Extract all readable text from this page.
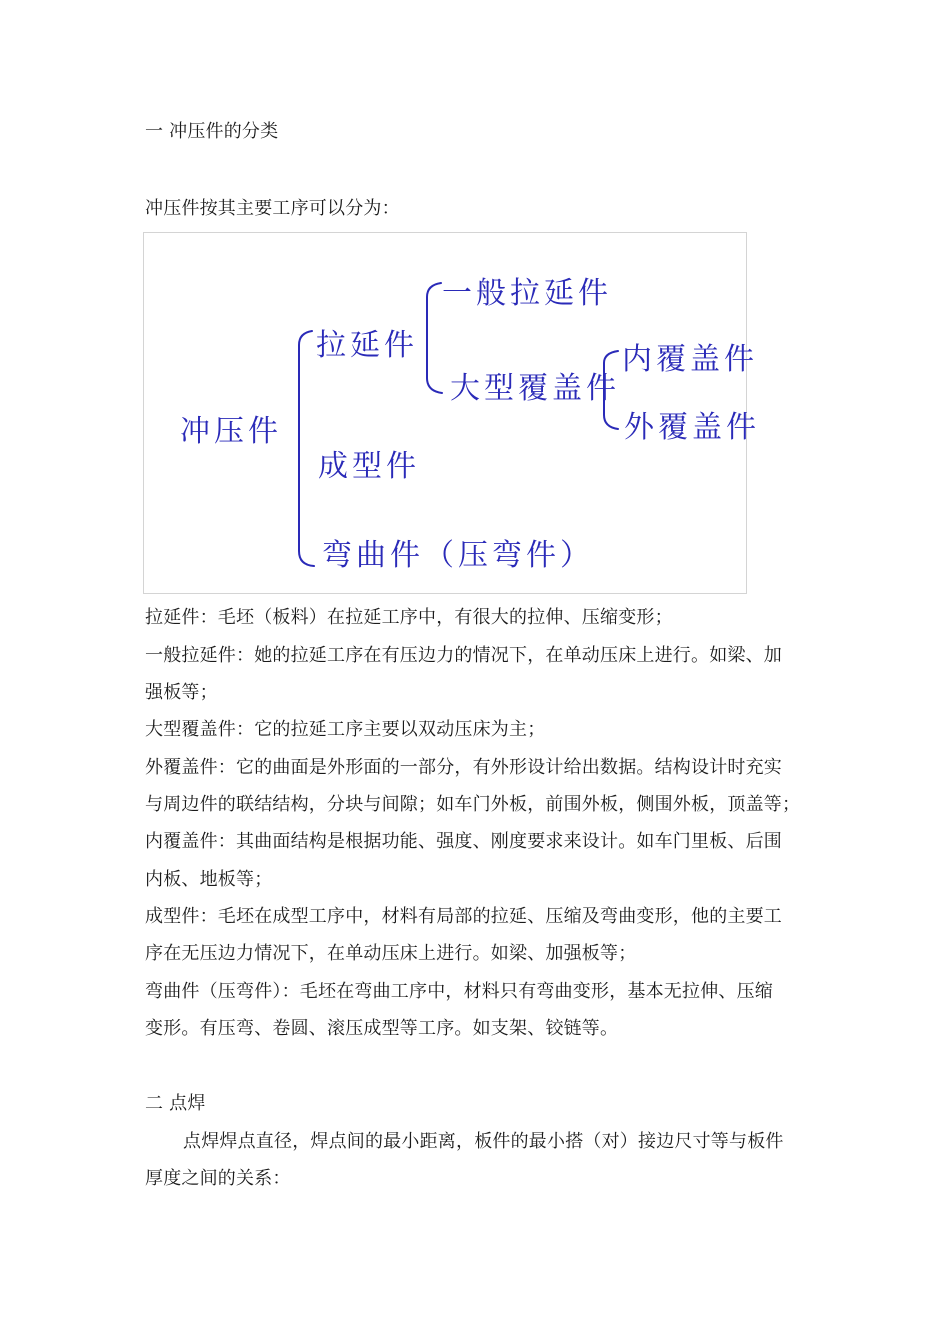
一 冲压件的分类
冲压件按其主要工序可以分为：
冲压件
拉延件
一般拉延件
大型覆盖件
内覆盖件
外覆盖件
成型件
弯曲件（压弯件）
拉延件：毛坯（板料）在拉延工序中，有很大的拉伸、压缩变形；
一般拉延件：她的拉延工序在有压边力的情况下，在单动压床上进行。如梁、加
强板等；
大型覆盖件：它的拉延工序主要以双动压床为主；
外覆盖件：它的曲面是外形面的一部分，有外形设计给出数据。结构设计时充实
与周边件的联结结构，分块与间隙；如车门外板，前围外板，侧围外板，顶盖等；
内覆盖件：其曲面结构是根据功能、强度、刚度要求来设计。如车门里板、后围
内板、地板等；
成型件：毛坯在成型工序中，材料有局部的拉延、压缩及弯曲变形，他的主要工
序在无压边力情况下，在单动压床上进行。如梁、加强板等；
弯曲件（压弯件）：毛坯在弯曲工序中，材料只有弯曲变形，基本无拉伸、压缩
变形。有压弯、卷圆、滚压成型等工序。如支架、铰链等。
二 点焊
点焊焊点直径，焊点间的最小距离，板件的最小搭（对）接边尺寸等与板件
厚度之间的关系：
